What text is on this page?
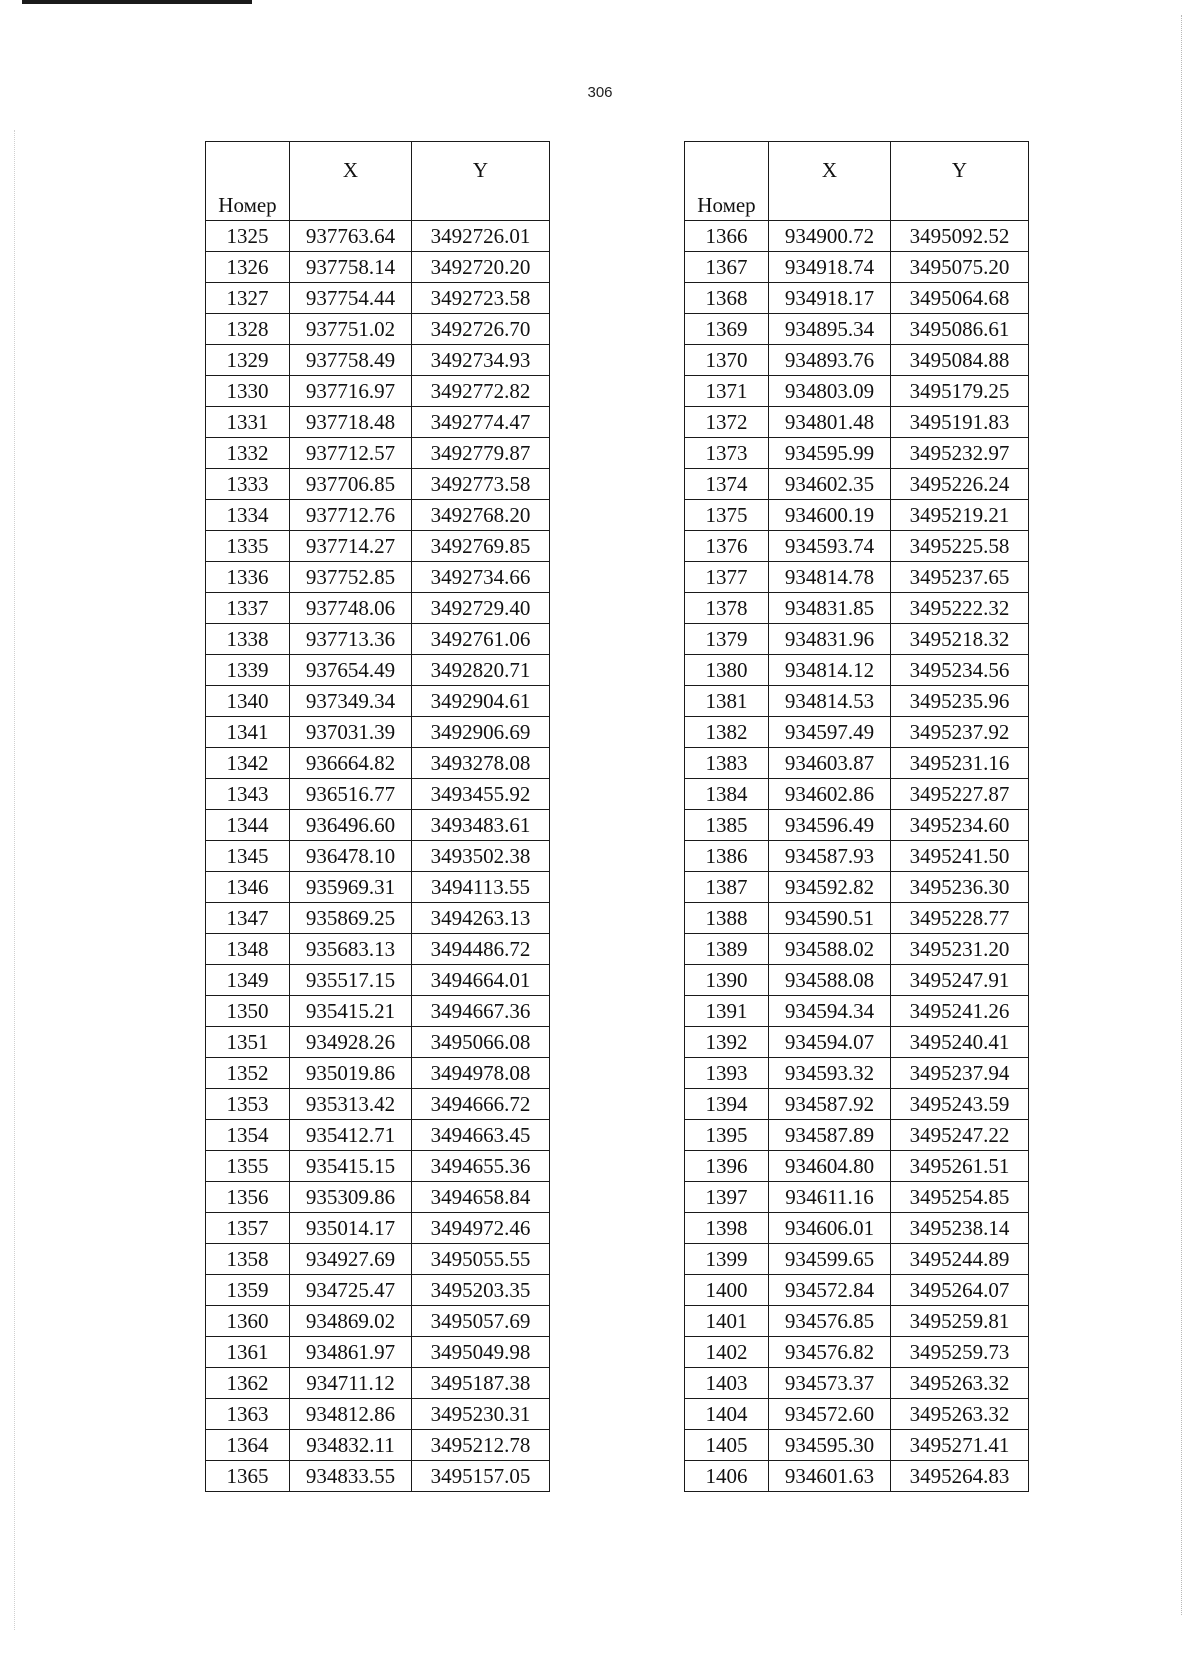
306
Номер	X	Y
1325	937763.64	3492726.01
1326	937758.14	3492720.20
1327	937754.44	3492723.58
1328	937751.02	3492726.70
1329	937758.49	3492734.93
1330	937716.97	3492772.82
1331	937718.48	3492774.47
1332	937712.57	3492779.87
1333	937706.85	3492773.58
1334	937712.76	3492768.20
1335	937714.27	3492769.85
1336	937752.85	3492734.66
1337	937748.06	3492729.40
1338	937713.36	3492761.06
1339	937654.49	3492820.71
1340	937349.34	3492904.61
1341	937031.39	3492906.69
1342	936664.82	3493278.08
1343	936516.77	3493455.92
1344	936496.60	3493483.61
1345	936478.10	3493502.38
1346	935969.31	3494113.55
1347	935869.25	3494263.13
1348	935683.13	3494486.72
1349	935517.15	3494664.01
1350	935415.21	3494667.36
1351	934928.26	3495066.08
1352	935019.86	3494978.08
1353	935313.42	3494666.72
1354	935412.71	3494663.45
1355	935415.15	3494655.36
1356	935309.86	3494658.84
1357	935014.17	3494972.46
1358	934927.69	3495055.55
1359	934725.47	3495203.35
1360	934869.02	3495057.69
1361	934861.97	3495049.98
1362	934711.12	3495187.38
1363	934812.86	3495230.31
1364	934832.11	3495212.78
1365	934833.55	3495157.05
Номер	X	Y
1366	934900.72	3495092.52
1367	934918.74	3495075.20
1368	934918.17	3495064.68
1369	934895.34	3495086.61
1370	934893.76	3495084.88
1371	934803.09	3495179.25
1372	934801.48	3495191.83
1373	934595.99	3495232.97
1374	934602.35	3495226.24
1375	934600.19	3495219.21
1376	934593.74	3495225.58
1377	934814.78	3495237.65
1378	934831.85	3495222.32
1379	934831.96	3495218.32
1380	934814.12	3495234.56
1381	934814.53	3495235.96
1382	934597.49	3495237.92
1383	934603.87	3495231.16
1384	934602.86	3495227.87
1385	934596.49	3495234.60
1386	934587.93	3495241.50
1387	934592.82	3495236.30
1388	934590.51	3495228.77
1389	934588.02	3495231.20
1390	934588.08	3495247.91
1391	934594.34	3495241.26
1392	934594.07	3495240.41
1393	934593.32	3495237.94
1394	934587.92	3495243.59
1395	934587.89	3495247.22
1396	934604.80	3495261.51
1397	934611.16	3495254.85
1398	934606.01	3495238.14
1399	934599.65	3495244.89
1400	934572.84	3495264.07
1401	934576.85	3495259.81
1402	934576.82	3495259.73
1403	934573.37	3495263.32
1404	934572.60	3495263.32
1405	934595.30	3495271.41
1406	934601.63	3495264.83
